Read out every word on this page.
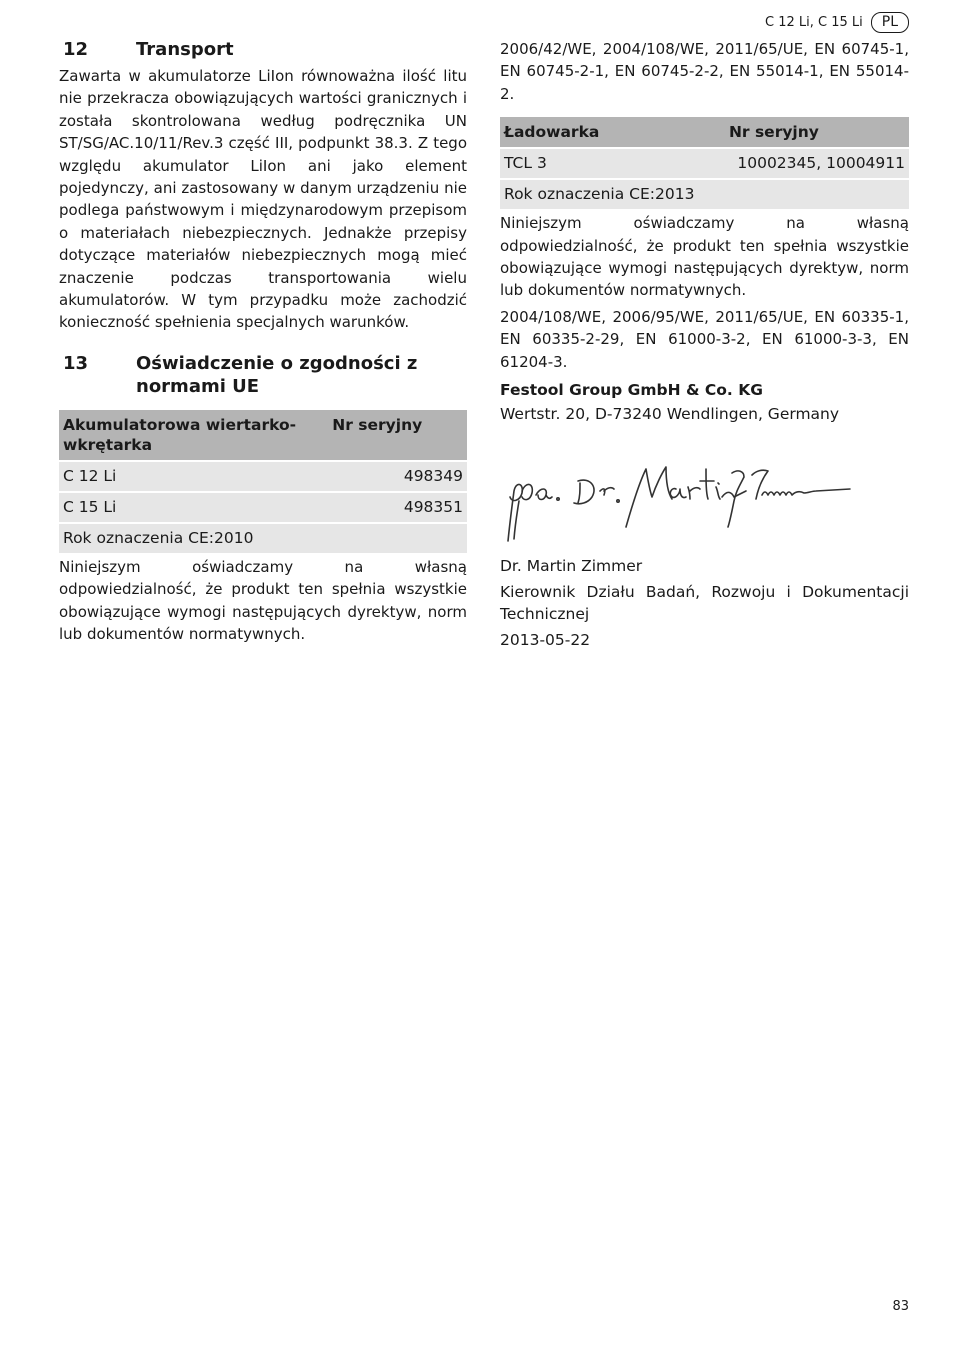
C 12 Li, C 15 Li	PL
12	Transport

Zawarta w akumulatorze LiIon równoważna ilość litu nie przekracza obowiązujących wartości granicznych i została skontrolowana według podręcznika UN ST/SG/AC.10/11/Rev.3 część III, podpunkt 38.3. Z tego względu akumulator LiIon ani jako element pojedynczy, ani zastosowany w danym urządzeniu nie podlega państwowym i międzynarodowym przepisom o materiałach niebezpiecznych. Jednakże przepisy dotyczące materiałów niebezpiecznych mogą mieć znaczenie podczas transportowania wielu akumulatorów. W tym przypadku może zachodzić konieczność spełnienia specjalnych warunków.

13	Oświadczenie o zgodności z normami UE
Akumulatorowa wiertarko-wkrętarka	Nr seryjny
C 12 Li	498349
C 15 Li	498351
Rok oznaczenia CE:2010	

Niniejszym oświadczamy na własną odpowiedzialność, że produkt ten spełnia wszystkie obowiązujące wymogi następujących dyrektyw, norm lub dokumentów normatywnych.

2006/42/WE, 2004/108/WE, 2011/65/UE, EN 60745-1, EN 60745-2-1, EN 60745-2-2, EN 55014-1, EN 55014-2.

Ładowarka	Nr seryjny
TCL 3	10002345, 10004911
Rok oznaczenia CE:2013	

Niniejszym oświadczamy na własną odpowiedzialność, że produkt ten spełnia wszystkie obowiązujące wymogi następujących dyrektyw, norm lub dokumentów normatywnych.

2004/108/WE, 2006/95/WE, 2011/65/UE, EN 60335-1, EN 60335-2-29, EN 61000-3-2, EN 61000-3-3, EN 61204-3.

Festool Group GmbH & Co. KG
Wertstr. 20, D-73240 Wendlingen, Germany
Dr. Martin Zimmer
Kierownik Działu Badań, Rozwoju i Dokumentacji Technicznej
2013-05-22
83
